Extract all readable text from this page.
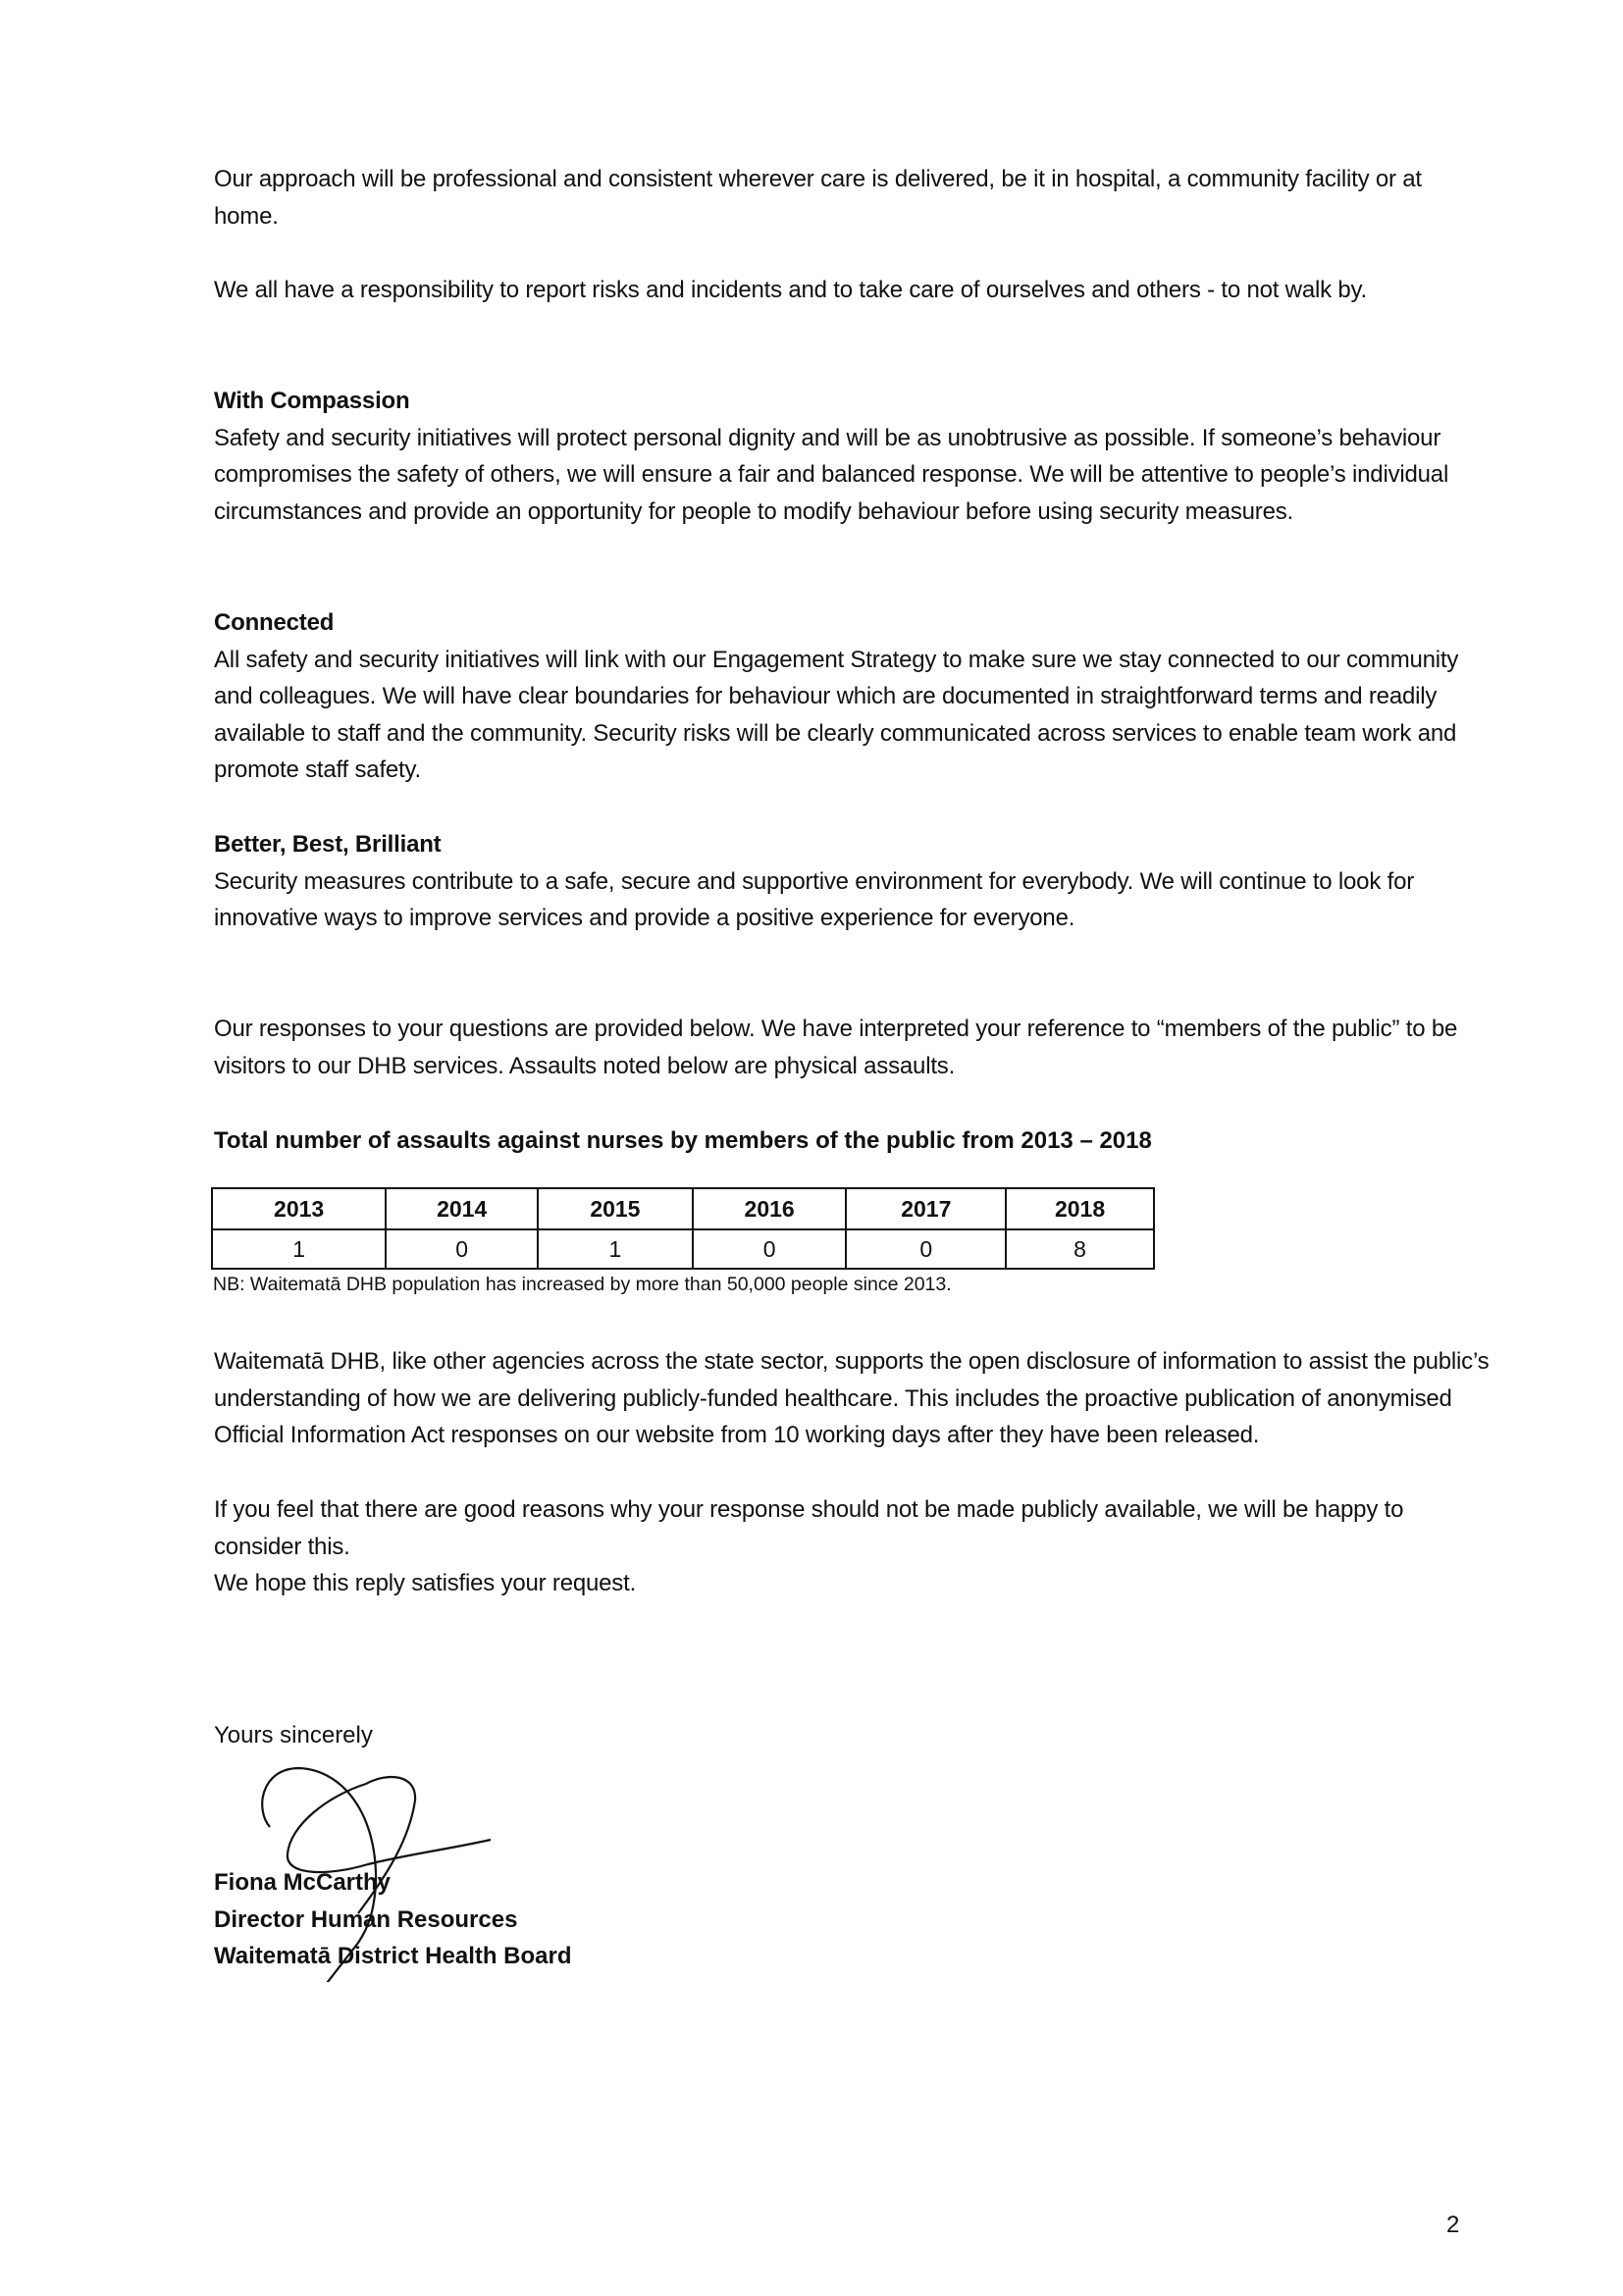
Our approach will be professional and consistent wherever care is delivered, be it in hospital, a community facility or at home.

We all have a responsibility to report risks and incidents and to take care of ourselves and others - to not walk by.

With Compassion

Safety and security initiatives will protect personal dignity and will be as unobtrusive as possible. If someone’s behaviour compromises the safety of others, we will ensure a fair and balanced response. We will be attentive to people’s individual circumstances and provide an opportunity for people to modify behaviour before using security measures.

Connected

All safety and security initiatives will link with our Engagement Strategy to make sure we stay connected to our community and colleagues. We will have clear boundaries for behaviour which are documented in straightforward terms and readily available to staff and the community. Security risks will be clearly communicated across services to enable team work and promote staff safety.

Better, Best, Brilliant

Security measures contribute to a safe, secure and supportive environment for everybody. We will continue to look for innovative ways to improve services and provide a positive experience for everyone.

Our responses to your questions are provided below. We have interpreted your reference to “members of the public” to be visitors to our DHB services. Assaults noted below are physical assaults.

Total number of assaults against nurses by members of the public from 2013 – 2018
2013	2014	2015	2016	2017	2018
1	0	1	0	0	8
NB: Waitematā DHB population has increased by more than 50,000 people since 2013.

Waitematā DHB, like other agencies across the state sector, supports the open disclosure of information to assist the public’s understanding of how we are delivering publicly-funded healthcare. This includes the proactive publication of anonymised Official Information Act responses on our website from 10 working days after they have been released.

If you feel that there are good reasons why your response should not be made publicly available, we will be happy to consider this.

We hope this reply satisfies your request.

Yours sincerely
Fiona McCarthy
Director Human Resources
Waitematā District Health Board
2
